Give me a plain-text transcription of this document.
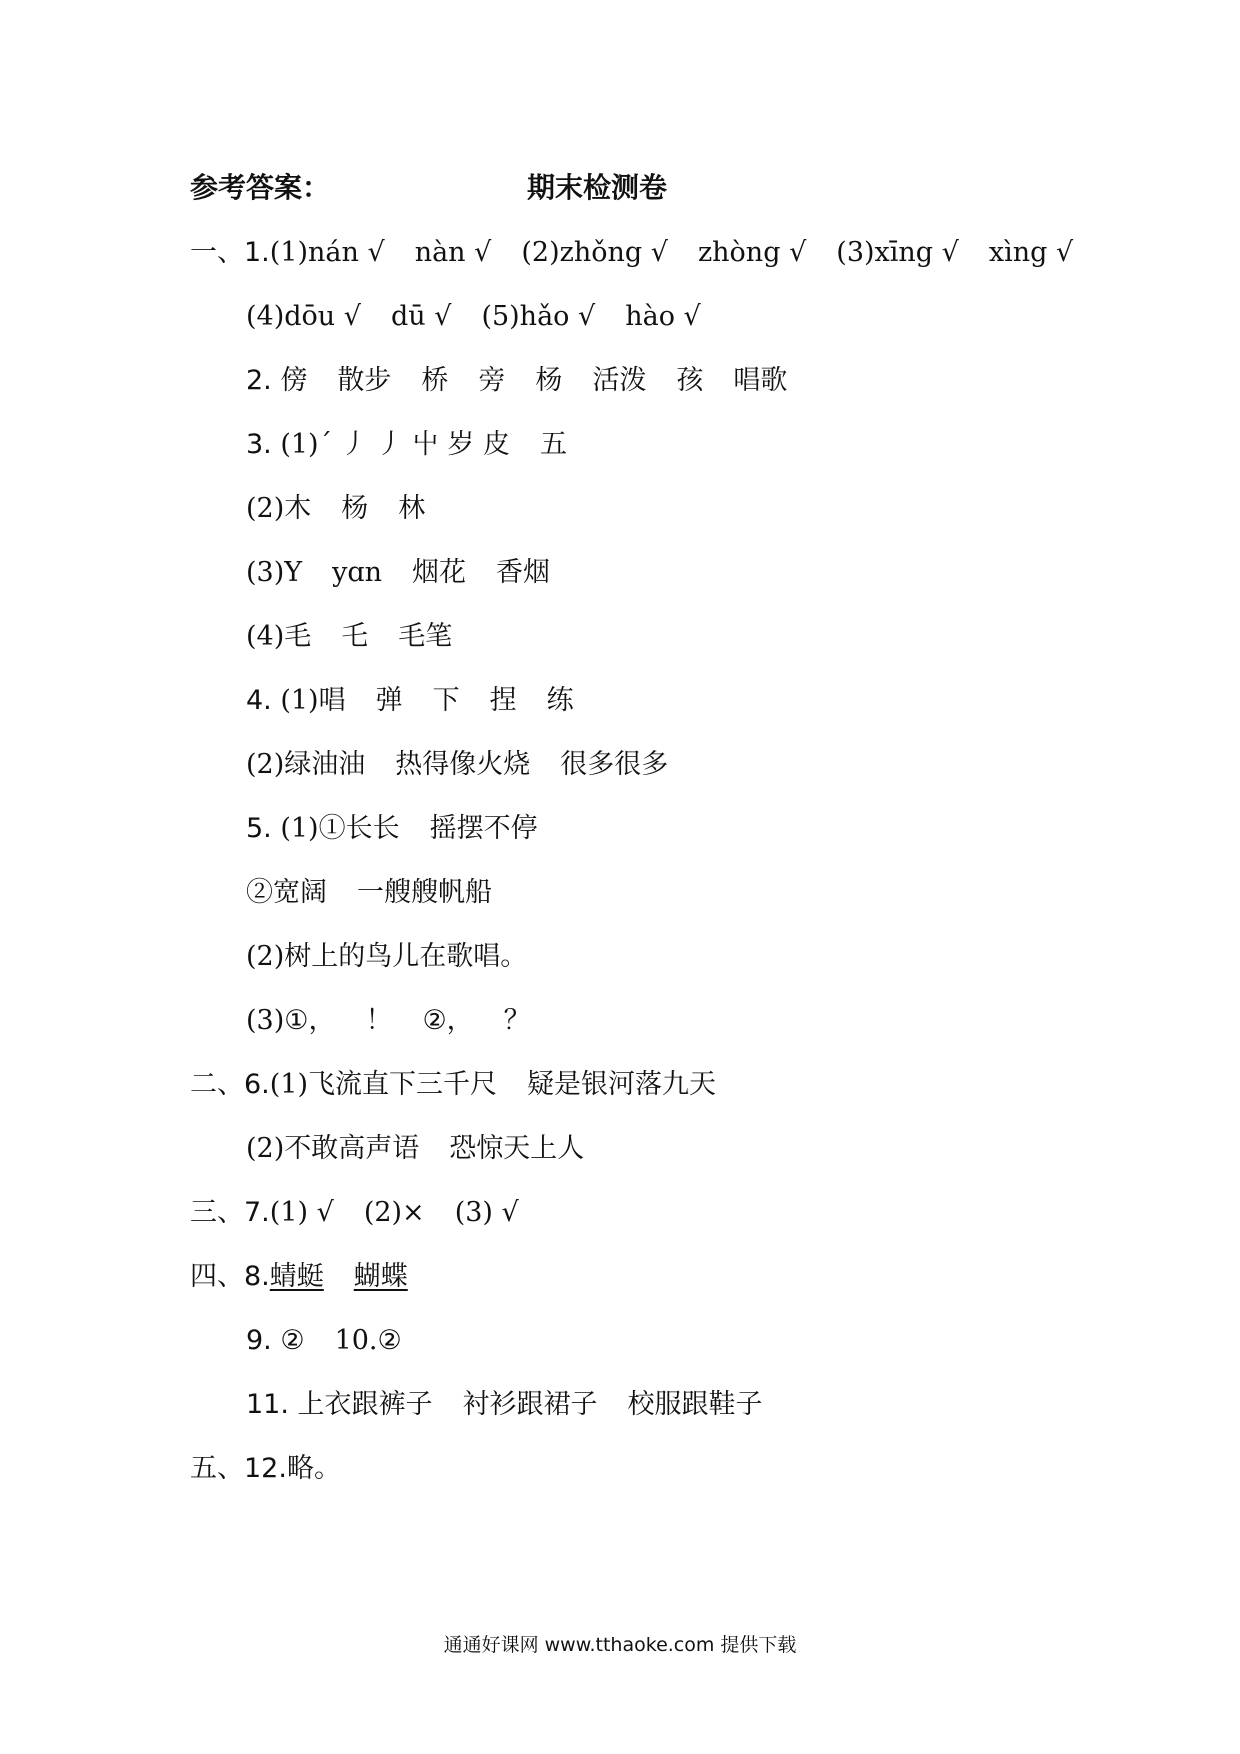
参考答案：	期末检测卷
一、1.(1)nán √ nàn √ (2)zhǒng √ zhòng √ (3)xīng √ xìng √
(4)dōu √ dū √ (5)hǎo √ hào √
2. 傍 散步 桥 旁 杨 活泼 孩 唱歌
3. (1)ˊ 丿 丿 屮 岁 皮 五
(2)木 杨 林
(3)Y yɑn 烟花 香烟
(4)毛 乇 毛笔
4. (1)唱 弹 下 捏 练
(2)绿油油 热得像火烧 很多很多
5. (1)①长长 摇摆不停
②宽阔 一艘艘帆船
(2)树上的鸟儿在歌唱。
(3)①， ！ ②， ？
二、6.(1)飞流直下三千尺 疑是银河落九天
(2)不敢高声语 恐惊天上人
三、7.(1) √ (2)× (3) √
四、8.蜻蜓 蝴蝶
9. ② 10.②
11. 上衣跟裤子 衬衫跟裙子 校服跟鞋子
五、12.略。
通通好课网 www.tthaoke.com 提供下载
